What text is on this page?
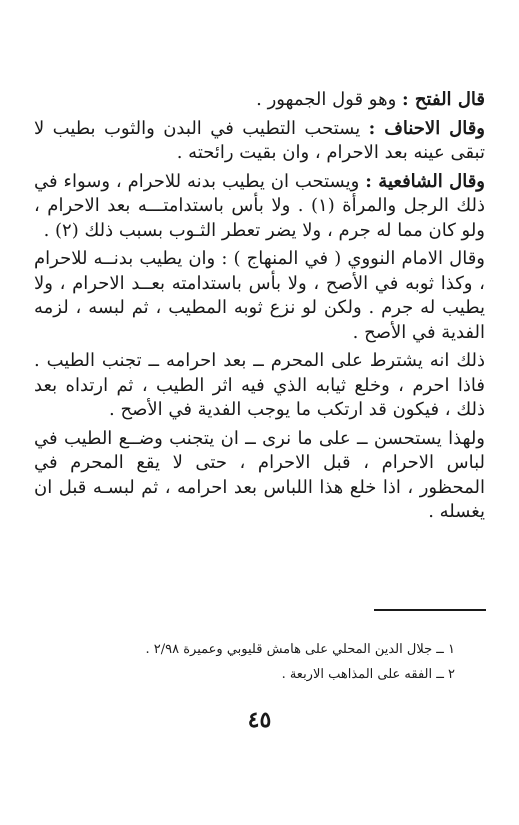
قال الفتح : وهو قول الجمهور .

وقال الاحناف : يستحب التطيب في البدن والثوب بطيب لا تبقى عينه بعد الاحرام ، وان بقيت رائحته .

وقال الشافعية : ويستحب ان يطيب بدنه للاحرام ، وسواء في ذلك الرجل والمرأة (١) . ولا بأس باستدامتـــه بعد الاحرام ، ولو كان مما له جرم ، ولا يضر تعطر الثـوب بسبب ذلك (٢) .

وقال الامام النووي ( في المنهاج ) : وان يطيب بدنــه للاحرام ، وكذا ثوبه في الأصح ، ولا بأس باستدامته بعــد الاحرام ، ولا يطيب له جرم . ولكن لو نزع ثوبه المطيب ، ثم لبسه ، لزمه الفدية في الأصح .

ذلك انه يشترط على المحرم ــ بعد احرامه ــ تجنب الطيب . فاذا احرم ، وخلع ثيابه الذي فيه اثر الطيب ، ثم ارتداه بعد ذلك ، فيكون قد ارتكب ما يوجب الفدية في الأصح .

ولهذا يستحسن ــ على ما نرى ــ ان يتجنب وضــع الطيب في لباس الاحرام ، قبل الاحرام ، حتى لا يقع المحرم في المحظور ، اذا خلع هذا اللباس بعد احرامه ، ثم لبسـه قبل ان يغسله .

١ ــ جلال الدين المحلي على هامش قليوبي وعميرة ٢/٩٨ .
٢ ــ الفقه على المذاهب الاربعة .
٤٥
